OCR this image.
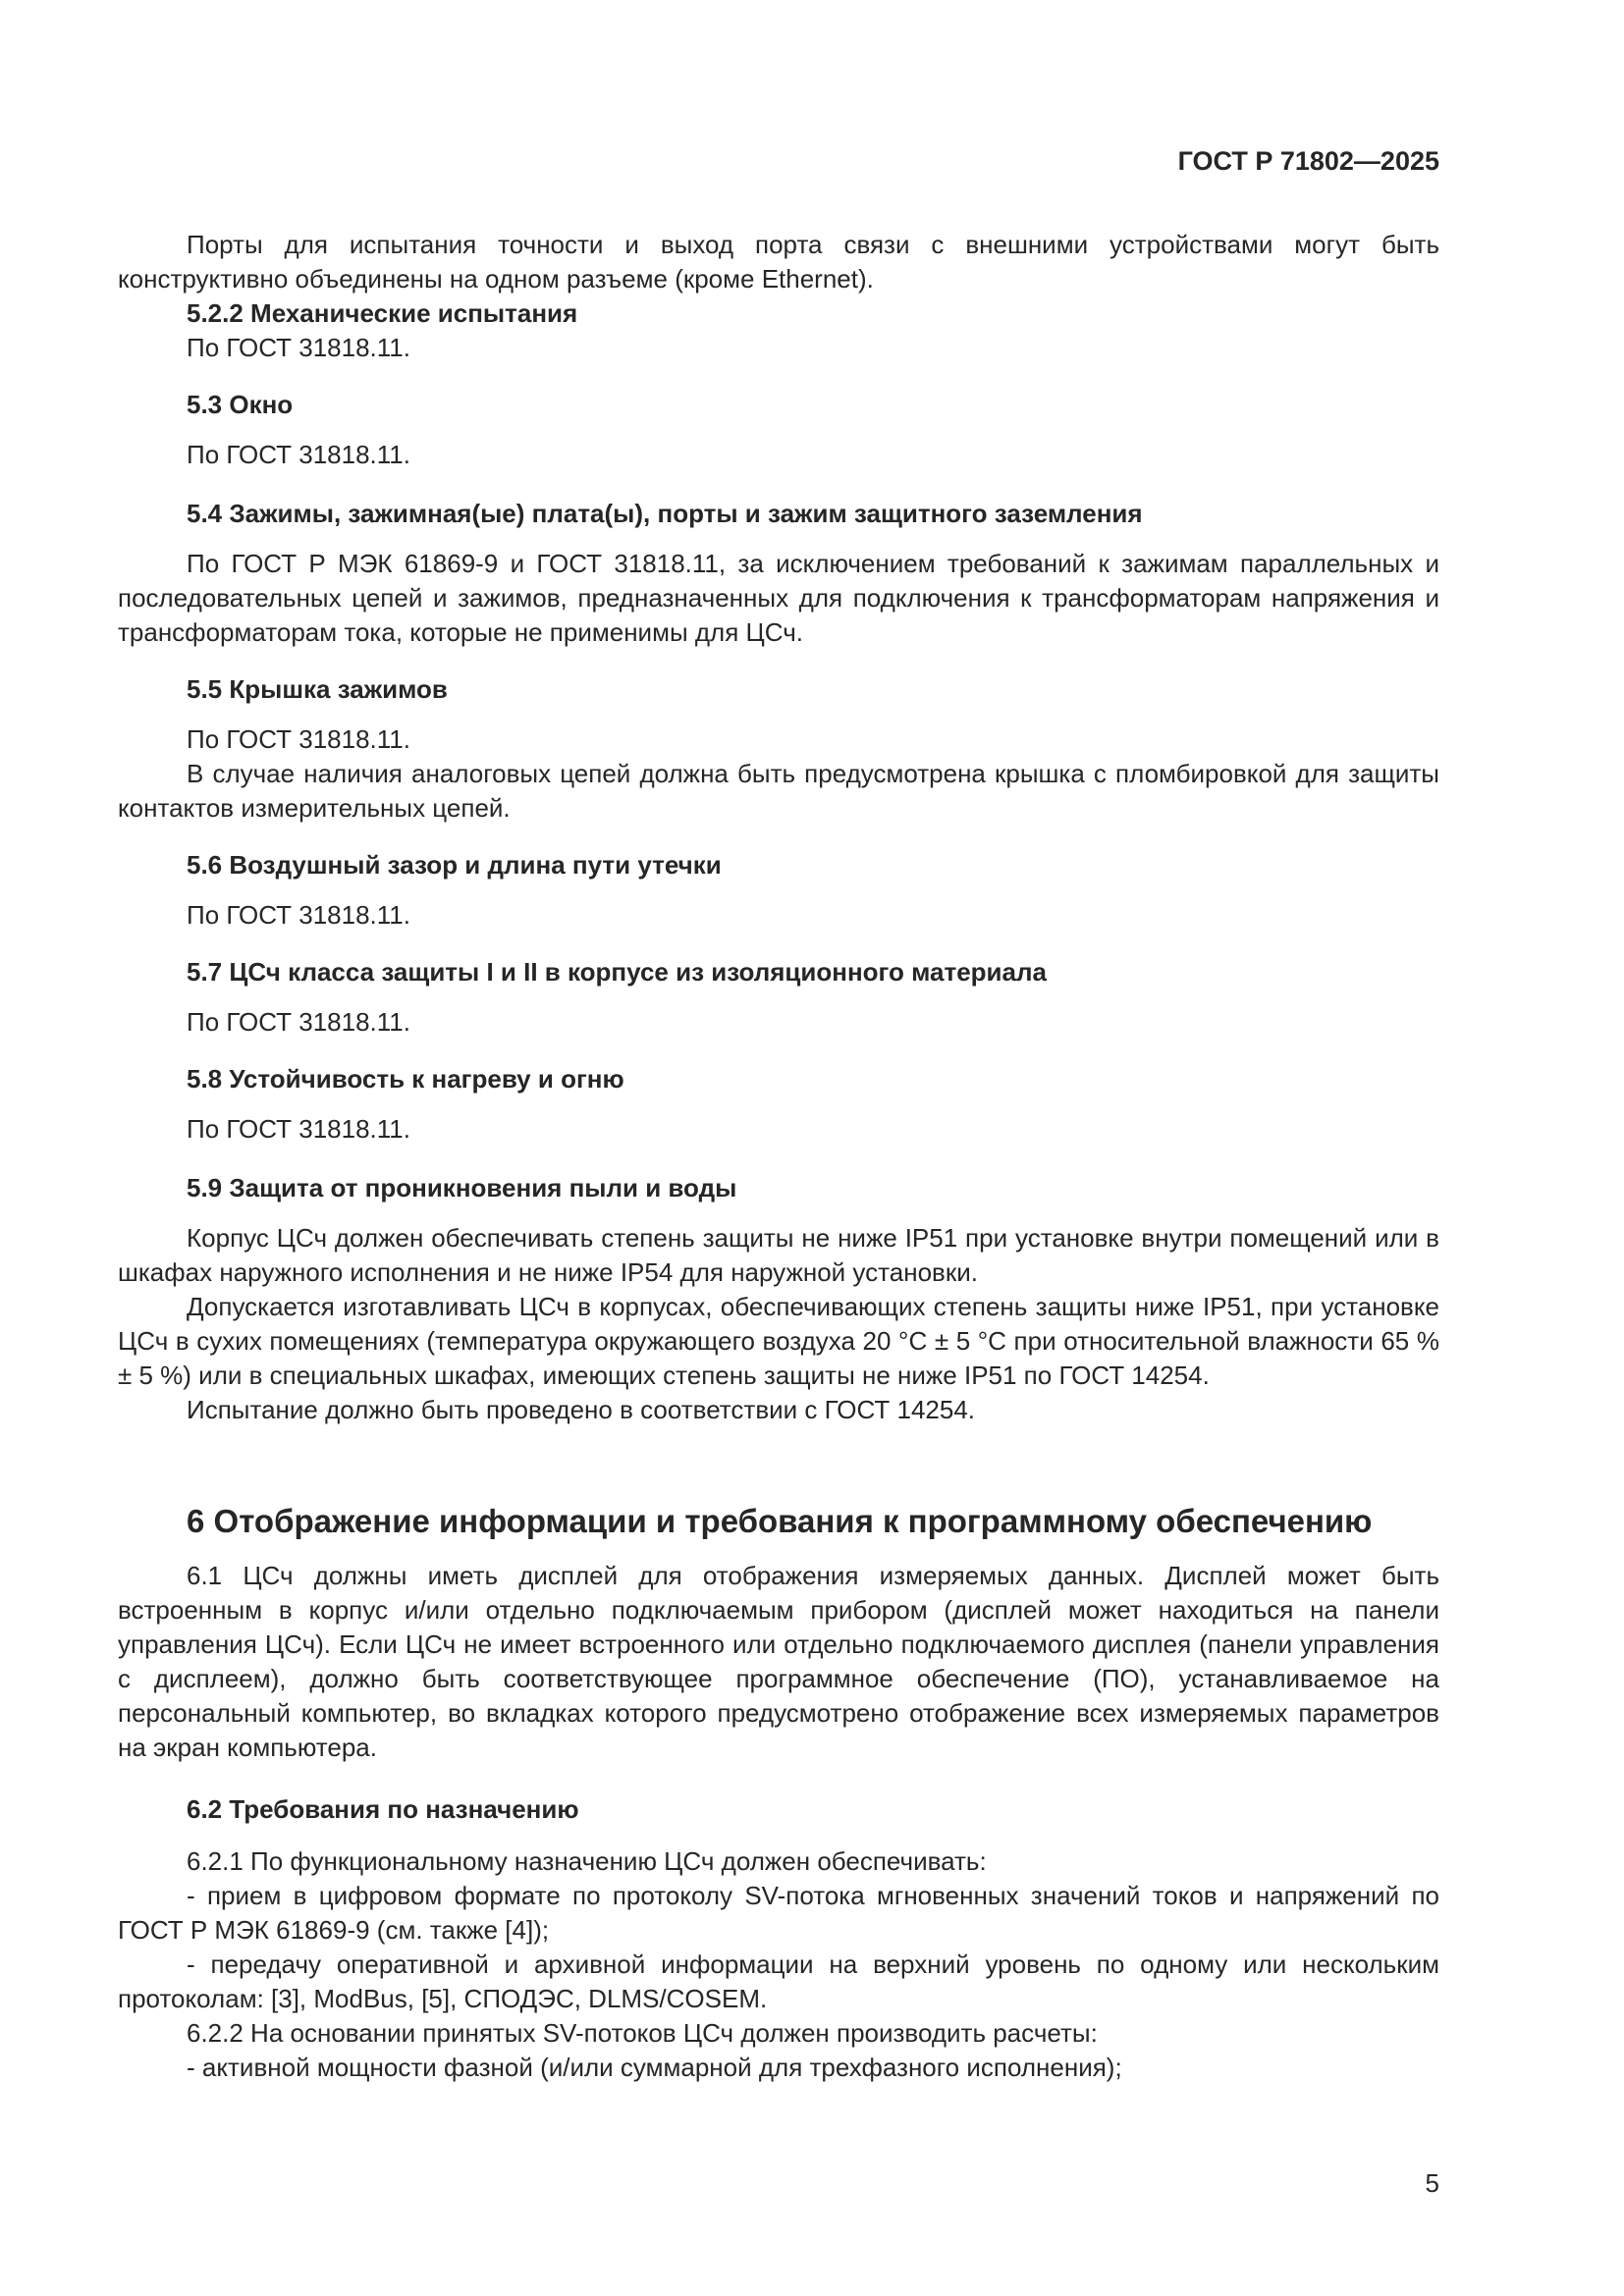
ГОСТ Р 71802—2025

Порты для испытания точности и выход порта связи с внешними устройствами могут быть конструктивно объединены на одном разъеме (кроме Ethernet).

5.2.2 Механические испытания

По ГОСТ 31818.11.

5.3 Окно

По ГОСТ 31818.11.

5.4 Зажимы, зажимная(ые) плата(ы), порты и зажим защитного заземления

По ГОСТ Р МЭК 61869-9 и ГОСТ 31818.11, за исключением требований к зажимам параллельных и последовательных цепей и зажимов, предназначенных для подключения к трансформаторам напряжения и трансформаторам тока, которые не применимы для ЦСч.

5.5 Крышка зажимов

По ГОСТ 31818.11.

В случае наличия аналоговых цепей должна быть предусмотрена крышка с пломбировкой для защиты контактов измерительных цепей.

5.6 Воздушный зазор и длина пути утечки

По ГОСТ 31818.11.

5.7 ЦСч класса защиты I и II в корпусе из изоляционного материала

По ГОСТ 31818.11.

5.8 Устойчивость к нагреву и огню

По ГОСТ 31818.11.

5.9 Защита от проникновения пыли и воды

Корпус ЦСч должен обеспечивать степень защиты не ниже IP51 при установке внутри помещений или в шкафах наружного исполнения и не ниже IP54 для наружной установки.

Допускается изготавливать ЦСч в корпусах, обеспечивающих степень защиты ниже IP51, при установке ЦСч в сухих помещениях (температура окружающего воздуха 20 °С ± 5 °С при относительной влажности 65 % ± 5 %) или в специальных шкафах, имеющих степень защиты не ниже IP51 по ГОСТ 14254.

Испытание должно быть проведено в соответствии с ГОСТ 14254.

6 Отображение информации и требования к программному обеспечению

6.1 ЦСч должны иметь дисплей для отображения измеряемых данных. Дисплей может быть встроенным в корпус и/или отдельно подключаемым прибором (дисплей может находиться на панели управления ЦСч). Если ЦСч не имеет встроенного или отдельно подключаемого дисплея (панели управления с дисплеем), должно быть соответствующее программное обеспечение (ПО), устанавливаемое на персональный компьютер, во вкладках которого предусмотрено отображение всех измеряемых параметров на экран компьютера.

6.2 Требования по назначению

6.2.1 По функциональному назначению ЦСч должен обеспечивать:

- прием в цифровом формате по протоколу SV-потока мгновенных значений токов и напряжений по ГОСТ Р МЭК 61869-9 (см. также [4]);

- передачу оперативной и архивной информации на верхний уровень по одному или нескольким протоколам: [3], ModBus, [5], СПОДЭС, DLMS/COSEM.

6.2.2 На основании принятых SV-потоков ЦСч должен производить расчеты:

- активной мощности фазной (и/или суммарной для трехфазного исполнения);

5
